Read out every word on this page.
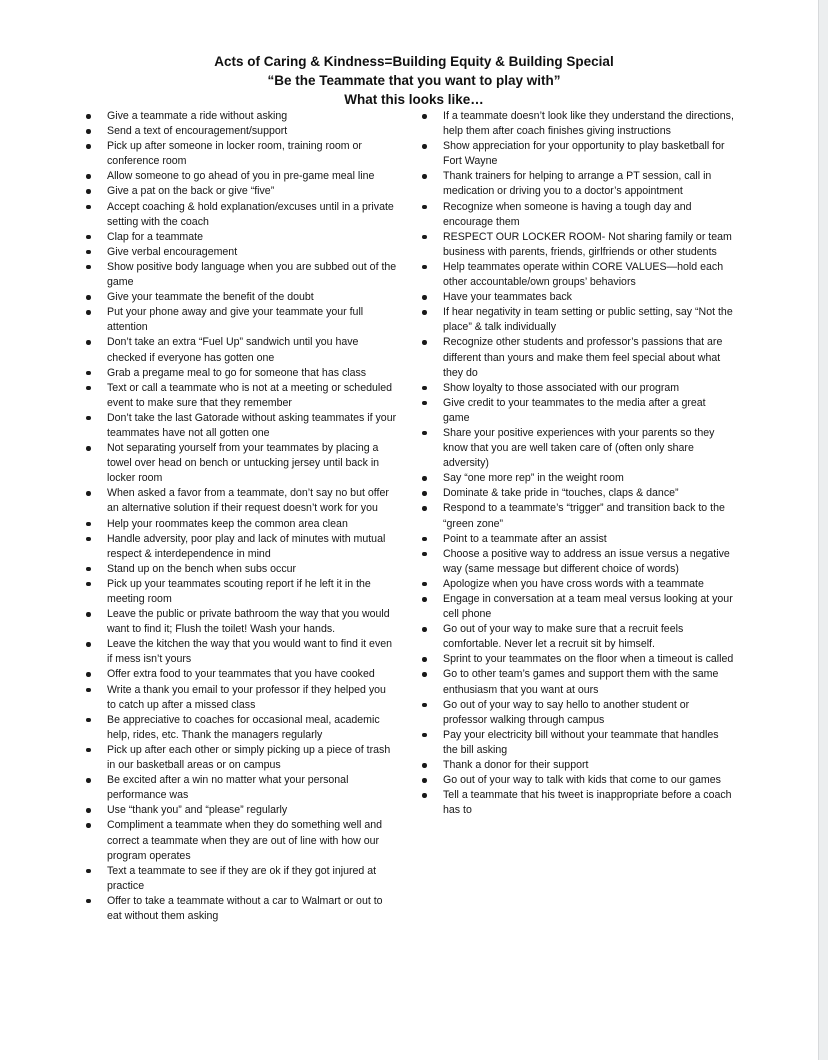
Acts of Caring & Kindness=Building Equity & Building Special
“Be the Teammate that you want to play with”
What this looks like…
Give a teammate a ride without asking
Send a text of encouragement/support
Pick up after someone in locker room, training room or conference room
Allow someone to go ahead of you in pre-game meal line
Give a pat on the back or give “five”
Accept coaching & hold explanation/excuses until in a private setting with the coach
Clap for a teammate
Give verbal encouragement
Show positive body language when you are subbed out of the game
Give your teammate the benefit of the doubt
Put your phone away and give your teammate your full attention
Don’t take an extra “Fuel Up” sandwich until you have checked if everyone has gotten one
Grab a pregame meal to go for someone that has class
Text or call a teammate who is not at a meeting or scheduled event to make sure that they remember
Don’t take the last Gatorade without asking teammates if your teammates have not all gotten one
Not separating yourself from your teammates by placing a towel over head on bench or untucking jersey until back in locker room
When asked a favor from a teammate, don’t say no but offer an alternative solution if their request doesn’t work for you
Help your roommates keep the common area clean
Handle adversity, poor play and lack of minutes with mutual respect & interdependence in mind
Stand up on the bench when subs occur
Pick up your teammates scouting report if he left it in the meeting room
Leave the public or private bathroom the way that you would want to find it; Flush the toilet! Wash your hands.
Leave the kitchen the way that you would want to find it even if mess isn’t yours
Offer extra food to your teammates that you have cooked
Write a thank you email to your professor if they helped you to catch up after a missed class
Be appreciative to coaches for occasional meal, academic help, rides, etc. Thank the managers regularly
Pick up after each other or simply picking up a piece of trash in our basketball areas or on campus
Be excited after a win no matter what your personal performance was
Use “thank you” and “please” regularly
Compliment a teammate when they do something well and correct a teammate when they are out of line with how our program operates
Text a teammate to see if they are ok if they got injured at practice
Offer to take a teammate without a car to Walmart or out to eat without them asking
If a teammate doesn’t look like they understand the directions, help them after coach finishes giving instructions
Show appreciation for your opportunity to play basketball for Fort Wayne
Thank trainers for helping to arrange a PT session, call in medication or driving you to a doctor’s appointment
Recognize when someone is having a tough day and encourage them
RESPECT OUR LOCKER ROOM- Not sharing family or team business with parents, friends, girlfriends or other students
Help teammates operate within CORE VALUES—hold each other accountable/own groups’ behaviors
Have your teammates back
If hear negativity in team setting or public setting, say “Not the place” & talk individually
Recognize other students and professor’s passions that are different than yours and make them feel special about what they do
Show loyalty to those associated with our program
Give credit to your teammates to the media after a great game
Share your positive experiences with your parents so they know that you are well taken care of (often only share adversity)
Say “one more rep” in the weight room
Dominate & take pride in “touches, claps & dance”
Respond to a teammate’s “trigger” and transition back to the “green zone”
Point to a teammate after an assist
Choose a positive way to address an issue versus a negative way (same message but different choice of words)
Apologize when you have cross words with a teammate
Engage in conversation at a team meal versus looking at your cell phone
Go out of your way to make sure that a recruit feels comfortable. Never let a recruit sit by himself.
Sprint to your teammates on the floor when a timeout is called
Go to other team’s games and support them with the same enthusiasm that you want at ours
Go out of your way to say hello to another student or professor walking through campus
Pay your electricity bill without your teammate that handles the bill asking
Thank a donor for their support
Go out of your way to talk with kids that come to our games
Tell a teammate that his tweet is inappropriate before a coach has to
